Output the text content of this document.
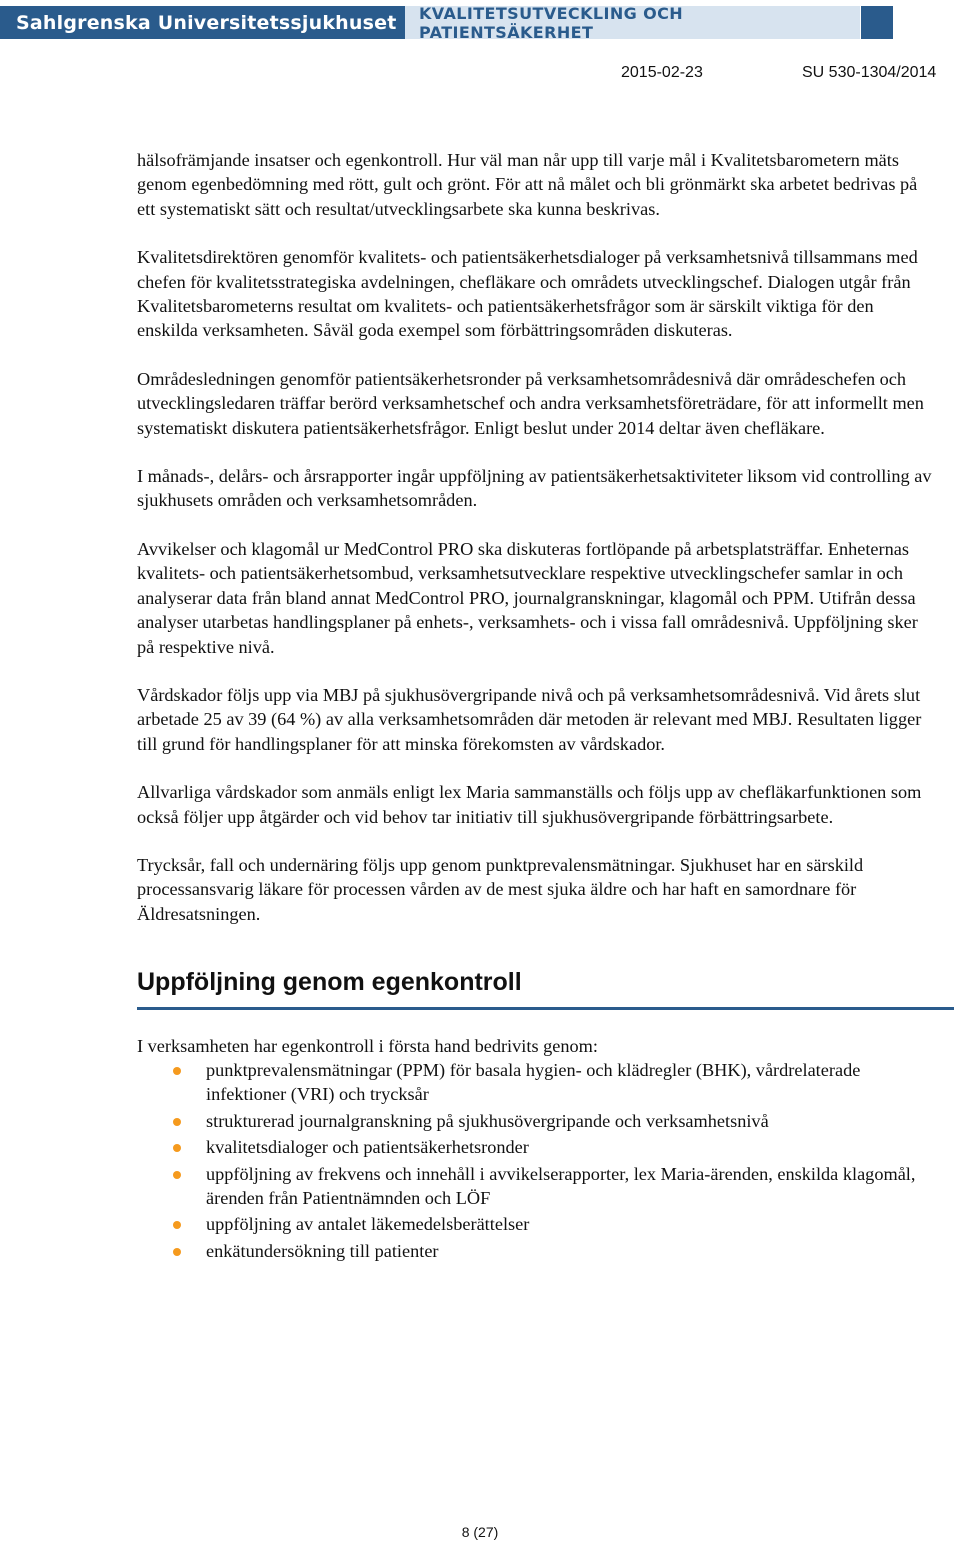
Sahlgrenska Universitetssjukhuset	KVALITETSUTVECKLING OCH PATIENTSÄKERHET
2015-02-23	SU 530-1304/2014

hälsofrämjande insatser och egenkontroll. Hur väl man når upp till varje mål i Kvalitetsbarometern mäts genom egenbedömning med rött, gult och grönt. För att nå målet och bli grönmärkt ska arbetet bedrivas på ett systematiskt sätt och resultat/utvecklingsarbete ska kunna beskrivas.

Kvalitetsdirektören genomför kvalitets- och patientsäkerhetsdialoger på verksamhetsnivå tillsammans med chefen för kvalitetsstrategiska avdelningen, chefläkare och områdets utvecklingschef. Dialogen utgår från Kvalitetsbarometerns resultat om kvalitets- och patientsäkerhetsfrågor som är särskilt viktiga för den enskilda verksamheten. Såväl goda exempel som förbättringsområden diskuteras.

Områdesledningen genomför patientsäkerhetsronder på verksamhetsområdesnivå där områdeschefen och utvecklingsledaren träffar berörd verksamhetschef och andra verksamhetsföreträdare, för att informellt men systematiskt diskutera patientsäkerhetsfrågor. Enligt beslut under 2014 deltar även chefläkare.

I månads-, delårs- och årsrapporter ingår uppföljning av patientsäkerhetsaktiviteter liksom vid controlling av sjukhusets områden och verksamhetsområden.

Avvikelser och klagomål ur MedControl PRO ska diskuteras fortlöpande på arbetsplatsträffar. Enheternas kvalitets- och patientsäkerhetsombud, verksamhetsutvecklare respektive utvecklingschefer samlar in och analyserar data från bland annat MedControl PRO, journalgranskningar, klagomål och PPM. Utifrån dessa analyser utarbetas handlingsplaner på enhets-, verksamhets- och i vissa fall områdesnivå. Uppföljning sker på respektive nivå.

Vårdskador följs upp via MBJ på sjukhusövergripande nivå och på verksamhetsområdesnivå. Vid årets slut arbetade 25 av 39 (64 %) av alla verksamhetsområden där metoden är relevant med MBJ. Resultaten ligger till grund för handlingsplaner för att minska förekomsten av vårdskador.

Allvarliga vårdskador som anmäls enligt lex Maria sammanställs och följs upp av chefläkarfunktionen som också följer upp åtgärder och vid behov tar initiativ till sjukhusövergripande förbättringsarbete.

Trycksår, fall och undernäring följs upp genom punktprevalensmätningar. Sjukhuset har en särskild processansvarig läkare för processen vården av de mest sjuka äldre och har haft en samordnare för Äldresatsningen.

Uppföljning genom egenkontroll

I verksamheten har egenkontroll i första hand bedrivits genom:

punktprevalensmätningar (PPM) för basala hygien- och klädregler (BHK), vårdrelaterade infektioner (VRI) och trycksår
strukturerad journalgranskning på sjukhusövergripande och verksamhetsnivå
kvalitetsdialoger och patientsäkerhetsronder
uppföljning av frekvens och innehåll i avvikelserapporter, lex Maria-ärenden, enskilda klagomål, ärenden från Patientnämnden och LÖF
uppföljning av antalet läkemedelsberättelser
enkätundersökning till patienter
8 (27)
